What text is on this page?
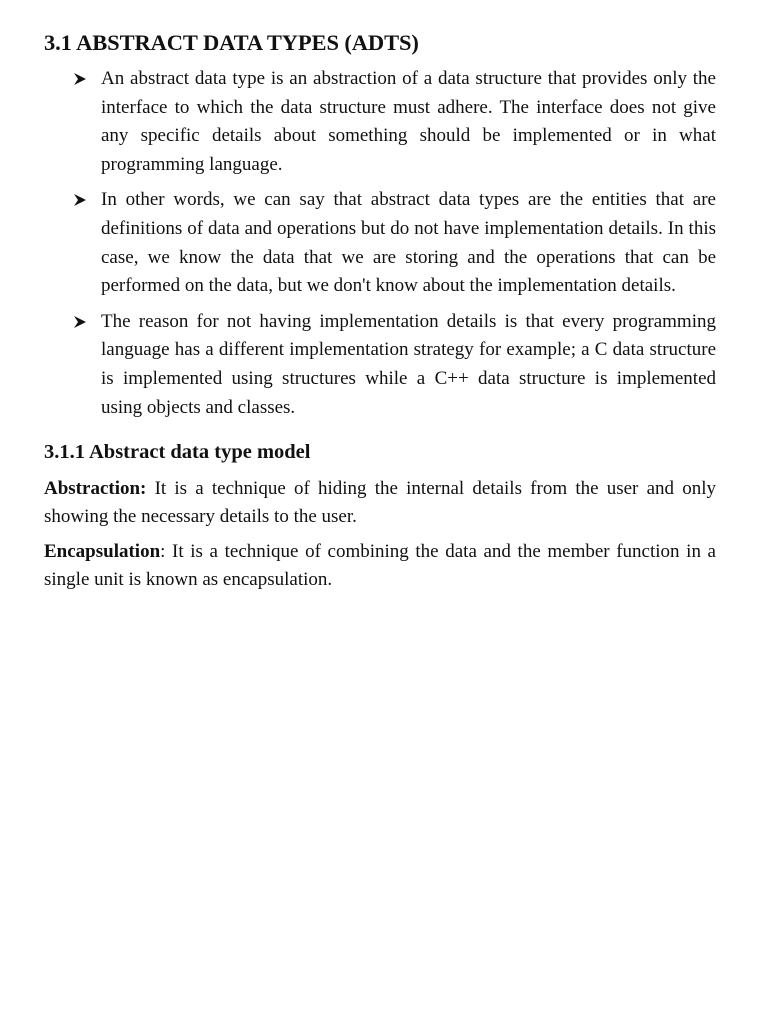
3.1 ABSTRACT DATA TYPES (ADTS)
An abstract data type is an abstraction of a data structure that provides only the interface to which the data structure must adhere. The interface does not give any specific details about something should be implemented or in what programming language.
In other words, we can say that abstract data types are the entities that are definitions of data and operations but do not have implementation details. In this case, we know the data that we are storing and the operations that can be performed on the data, but we don't know about the implementation details.
The reason for not having implementation details is that every programming language has a different implementation strategy for example; a C data structure is implemented using structures while a C++ data structure is implemented using objects and classes.
3.1.1 Abstract data type model

Abstraction: It is a technique of hiding the internal details from the user and only showing the necessary details to the user.

Encapsulation: It is a technique of combining the data and the member function in a single unit is known as encapsulation.
